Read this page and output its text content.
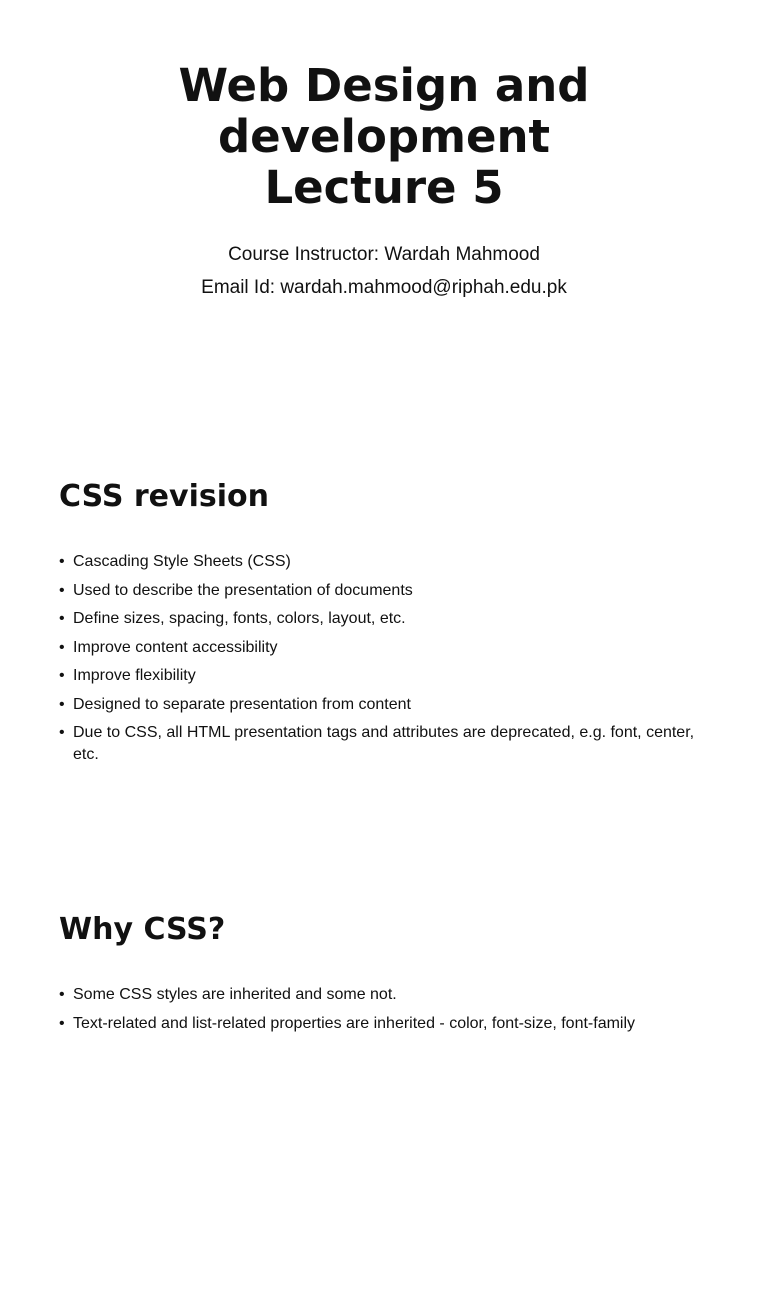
Web Design and
development
Lecture 5
Course Instructor: Wardah Mahmood
Email Id: wardah.mahmood@riphah.edu.pk
CSS revision
• Cascading Style Sheets (CSS)
• Used to describe the presentation of documents
• Define sizes, spacing, fonts, colors, layout, etc.
• Improve content accessibility
• Improve flexibility
• Designed to separate presentation from content
• Due to CSS, all HTML presentation tags and attributes are deprecated, e.g. font, center, etc.
Why CSS?
• Some CSS styles are inherited and some not.
• Text-related and list-related properties are inherited - color, font-size, font-family
